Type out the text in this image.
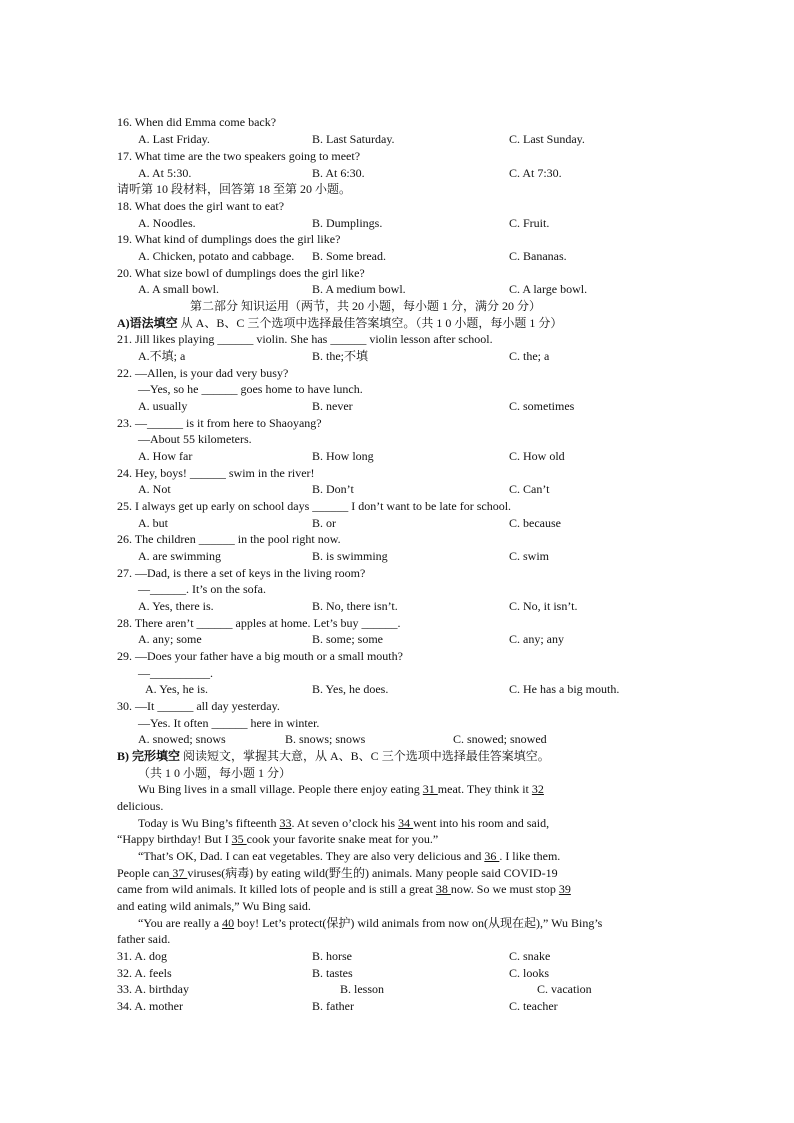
16. When did Emma come back?
A. Last Friday.	B. Last Saturday.	C. Last Sunday.
17. What time are the two speakers going to meet?
A. At 5:30.	B. At 6:30.	C. At 7:30.
请听第 10 段材料，回答第 18 至第 20 小题。
18. What does the girl want to eat?
A. Noodles.	B. Dumplings.	C. Fruit.
19. What kind of dumplings does the girl like?
A. Chicken, potato and cabbage. B. Some bread.	C. Bananas.
20. What size bowl of dumplings does the girl like?
A. A small bowl.	B. A medium bowl.	C. A large bowl.
第二部分 知识运用（两节，共 20 小题，每小题 1 分，满分 20 分）
A)语法填空 从 A、B、C 三个选项中选择最佳答案填空。（共 1 0 小题，每小题 1 分）
21. Jill likes playing ______ violin. She has ______ violin lesson after school.
A.不填; a	B. the;不填	C. the; a
22. —Allen, is your dad very busy?
—Yes, so he ______ goes home to have lunch.
A. usually	B. never	C. sometimes
23. —______ is it from here to Shaoyang?
—About 55 kilometers.
A. How far	B. How long	C. How old
24. Hey, boys! ______ swim in the river!
A. Not	B. Don’t	C. Can’t
25. I always get up early on school days ______ I don’t want to be late for school.
A. but	B. or	C. because
26. The children ______ in the pool right now.
A. are swimming	B. is swimming	C. swim
27. —Dad, is there a set of keys in the living room?
—______. It’s on the sofa.
A. Yes, there is.	B. No, there isn’t.	C. No, it isn’t.
28. There aren’t ______ apples at home. Let’s buy ______.
A. any; some	B. some; some	C. any; any
29. —Does your father have a big mouth or a small mouth?
—__________.
A. Yes, he is.	B. Yes, he does.	C. He has a big mouth.
30. —It ______ all day yesterday.
—Yes. It often ______ here in winter.
A. snowed; snows	B. snows; snows	C. snowed; snowed
B) 完形填空 阅读短文，掌握其大意，从 A、B、C 三个选项中选择最佳答案填空。
（共 1 0 小题，每小题 1 分）
Wu Bing lives in a small village. People there enjoy eating 31 meat. They think it 32
delicious.
Today is Wu Bing’s fifteenth 33. At seven o’clock his 34 went into his room and said,
“Happy birthday! But I 35 cook your favorite snake meat for you.”
“That’s OK, Dad. I can eat vegetables. They are also very delicious and 36 . I like them.
People can 37 viruses(病毒) by eating wild(野生的) animals. Many people said COVID-19
came from wild animals. It killed lots of people and is still a great 38 now. So we must stop 39
and eating wild animals,” Wu Bing said.
“You are really a 40 boy! Let’s protect(保护) wild animals from now on(从现在起),” Wu Bing’s
father said.
31. A. dog	B. horse	C. snake
32. A. feels	B. tastes	C. looks
33. A. birthday	B. lesson	C. vacation
34. A. mother	B. father	C. teacher
